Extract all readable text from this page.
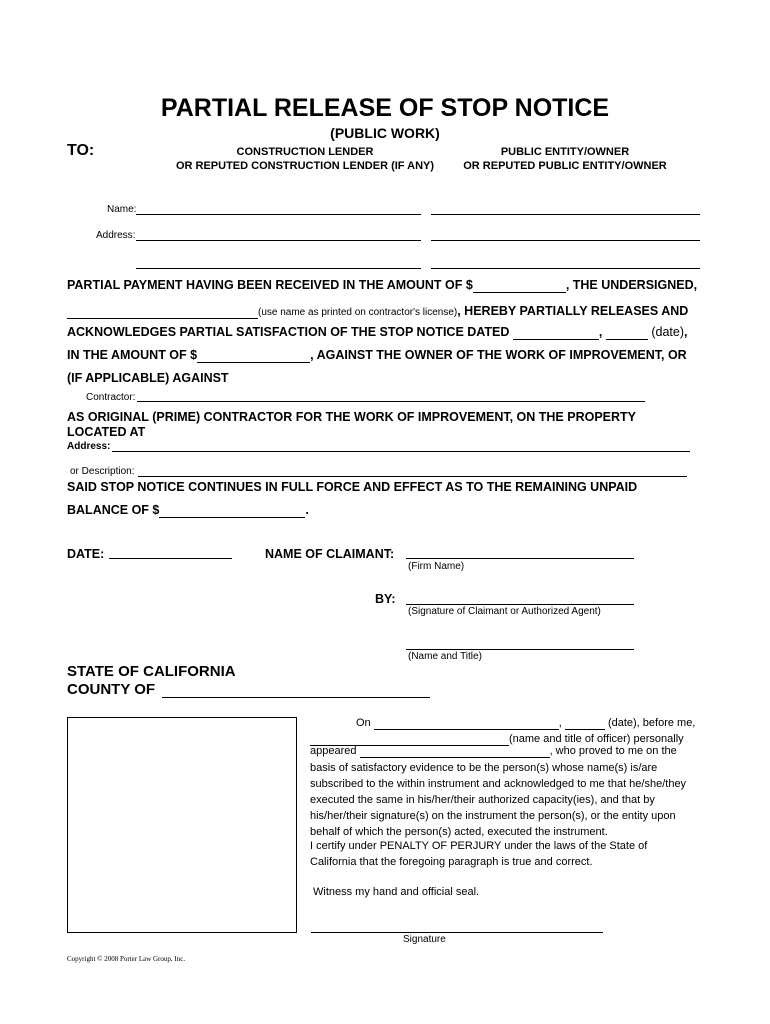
PARTIAL RELEASE OF STOP NOTICE
(PUBLIC WORK)
TO:	CONSTRUCTION LENDER
OR REPUTED CONSTRUCTION LENDER (IF ANY)
PUBLIC ENTITY/OWNER
OR REPUTED PUBLIC ENTITY/OWNER
Name:
Address:
PARTIAL PAYMENT HAVING BEEN RECEIVED IN THE AMOUNT OF $	, THE UNDERSIGNED,
(use name as printed on contractor's license), HEREBY PARTIALLY RELEASES AND
ACKNOWLEDGES PARTIAL SATISFACTION OF THE STOP NOTICE DATED	,	(date),
IN THE AMOUNT OF $	, AGAINST THE OWNER OF THE WORK OF IMPROVEMENT, OR
(IF APPLICABLE) AGAINST
Contractor:
AS ORIGINAL (PRIME) CONTRACTOR FOR THE WORK OF IMPROVEMENT, ON THE PROPERTY
LOCATED AT
Address:
or Description:
SAID STOP NOTICE CONTINUES IN FULL FORCE AND EFFECT AS TO THE REMAINING UNPAID
BALANCE OF $	.
DATE:	NAME OF CLAIMANT:
(Firm Name)
BY:
(Signature of Claimant or Authorized Agent)
(Name and Title)
STATE OF CALIFORNIA
COUNTY OF
On	,	(date), before me,
(name and title of officer) personally
appeared	, who proved to me on the
basis of satisfactory evidence to be the person(s) whose name(s) is/are subscribed to the within instrument and acknowledged to me that he/she/they executed the same in his/her/their authorized capacity(ies), and that by his/her/their signature(s) on the instrument the person(s), or the entity upon behalf of which the person(s) acted, executed the instrument.
I certify under PENALTY OF PERJURY under the laws of the State of California that the foregoing paragraph is true and correct.
Witness my hand and official seal.
Signature
Copyright © 2008 Porter Law Group, Inc.
